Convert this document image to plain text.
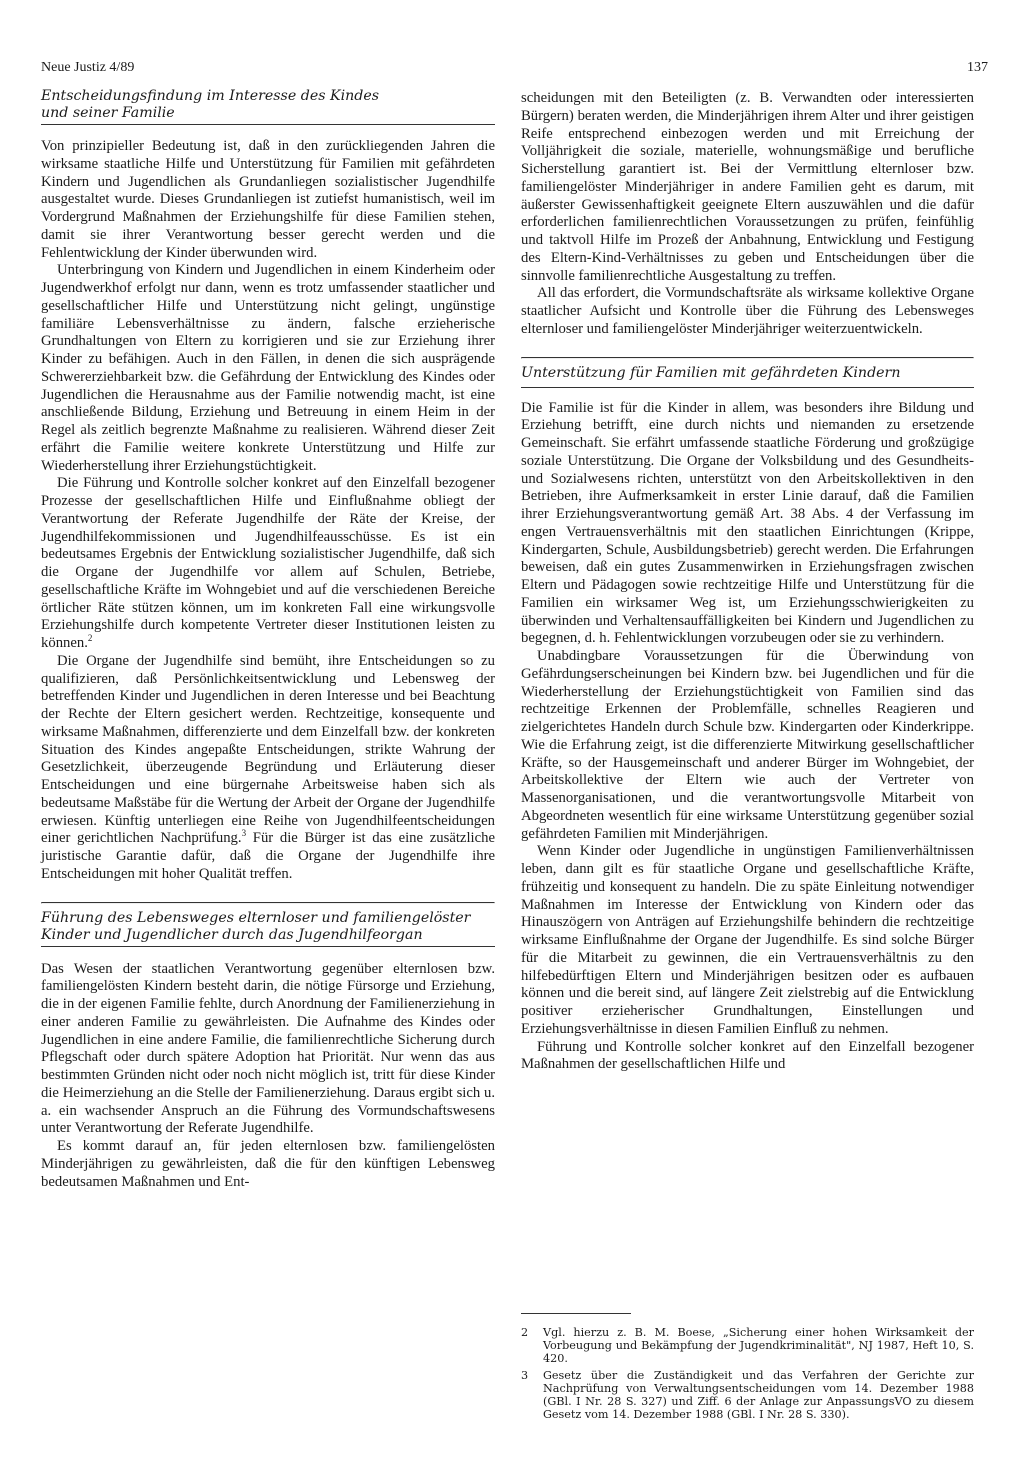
Neue Justiz 4/89	137

Entscheidungsfindung im Interesse des Kindes

und seiner Familie

Von prinzipieller Bedeutung ist, daß in den zurückliegenden Jahren die wirksame staatliche Hilfe und Unterstützung für Familien mit gefährdeten Kindern und Jugendlichen als Grundanliegen sozialistischer Jugendhilfe ausgestaltet wurde. Dieses Grundanliegen ist zutiefst humanistisch, weil im Vordergrund Maßnahmen der Erziehungshilfe für diese Familien stehen, damit sie ihrer Verantwortung besser gerecht werden und die Fehlentwicklung der Kinder überwunden wird.

Unterbringung von Kindern und Jugendlichen in einem Kinderheim oder Jugendwerkhof erfolgt nur dann, wenn es trotz umfassender staatlicher und gesellschaftlicher Hilfe und Unterstützung nicht gelingt, ungünstige familiäre Lebensverhältnisse zu ändern, falsche erzieherische Grundhaltungen von Eltern zu korrigieren und sie zur Erziehung ihrer Kinder zu befähigen. Auch in den Fällen, in denen die sich ausprägende Schwererziehbarkeit bzw. die Gefährdung der Entwicklung des Kindes oder Jugendlichen die Herausnahme aus der Familie notwendig macht, ist eine anschließende Bildung, Erziehung und Betreuung in einem Heim in der Regel als zeitlich begrenzte Maßnahme zu realisieren. Während dieser Zeit erfährt die Familie weitere konkrete Unterstützung und Hilfe zur Wiederherstellung ihrer Erziehungstüchtigkeit.

Die Führung und Kontrolle solcher konkret auf den Einzelfall bezogener Prozesse der gesellschaftlichen Hilfe und Einflußnahme obliegt der Verantwortung der Referate Jugendhilfe der Räte der Kreise, der Jugendhilfekommissionen und Jugendhilfeausschüsse. Es ist ein bedeutsames Ergebnis der Entwicklung sozialistischer Jugendhilfe, daß sich die Organe der Jugendhilfe vor allem auf Schulen, Betriebe, gesellschaftliche Kräfte im Wohngebiet und auf die verschiedenen Bereiche örtlicher Räte stützen können, um im konkreten Fall eine wirkungsvolle Erziehungshilfe durch kompetente Vertreter dieser Institutionen leisten zu können.$^2$

Die Organe der Jugendhilfe sind bemüht, ihre Entscheidungen so zu qualifizieren, daß Persönlichkeitsentwicklung und Lebensweg der betreffenden Kinder und Jugendlichen in deren Interesse und bei Beachtung der Rechte der Eltern gesichert werden. Rechtzeitige, konsequente und wirksame Maßnahmen, differenzierte und dem Einzelfall bzw. der konkreten Situation des Kindes angepaßte Entscheidungen, strikte Wahrung der Gesetzlichkeit, überzeugende Begründung und Erläuterung dieser Entscheidungen und eine bürgernahe Arbeitsweise haben sich als bedeutsame Maßstäbe für die Wertung der Arbeit der Organe der Jugendhilfe erwiesen. Künftig unterliegen eine Reihe von Jugendhilfeentscheidungen einer gerichtlichen Nachprüfung.$^3$ Für die Bürger ist das eine zusätzliche juristische Garantie dafür, daß die Organe der Jugendhilfe ihre Entscheidungen mit hoher Qualität treffen.

Führung des Lebensweges elternloser und familiengelöster

Kinder und Jugendlicher durch das Jugendhilfeorgan

Das Wesen der staatlichen Verantwortung gegenüber elternlosen bzw. familiengelösten Kindern besteht darin, die nötige Fürsorge und Erziehung, die in der eigenen Familie fehlte, durch Anordnung der Familienerziehung in einer anderen Familie zu gewährleisten. Die Aufnahme des Kindes oder Jugendlichen in eine andere Familie, die familienrechtliche Sicherung durch Pflegschaft oder durch spätere Adoption hat Priorität. Nur wenn das aus bestimmten Gründen nicht oder noch nicht möglich ist, tritt für diese Kinder die Heimerziehung an die Stelle der Familienerziehung. Daraus ergibt sich u. a. ein wachsender Anspruch an die Führung des Vormundschaftswesens unter Verantwortung der Referate Jugendhilfe.

Es kommt darauf an, für jeden elternlosen bzw. familiengelösten Minderjährigen zu gewährleisten, daß die für den künftigen Lebensweg bedeutsamen Maßnahmen und Ent-

scheidungen mit den Beteiligten (z. B. Verwandten oder interessierten Bürgern) beraten werden, die Minderjährigen ihrem Alter und ihrer geistigen Reife entsprechend einbezogen werden und mit Erreichung der Volljährigkeit die soziale, materielle, wohnungsmäßige und berufliche Sicherstellung garantiert ist. Bei der Vermittlung elternloser bzw. familiengelöster Minderjähriger in andere Familien geht es darum, mit äußerster Gewissenhaftigkeit geeignete Eltern auszuwählen und die dafür erforderlichen familienrechtlichen Voraussetzungen zu prüfen, feinfühlig und taktvoll Hilfe im Prozeß der Anbahnung, Entwicklung und Festigung des Eltern-Kind-Verhältnisses zu geben und Entscheidungen über die sinnvolle familienrechtliche Ausgestaltung zu treffen.

All das erfordert, die Vormundschaftsräte als wirksame kollektive Organe staatlicher Aufsicht und Kontrolle über die Führung des Lebensweges elternloser und familiengelöster Minderjähriger weiterzuentwickeln.

Unterstützung für Familien mit gefährdeten Kindern

Die Familie ist für die Kinder in allem, was besonders ihre Bildung und Erziehung betrifft, eine durch nichts und niemanden zu ersetzende Gemeinschaft. Sie erfährt umfassende staatliche Förderung und großzügige soziale Unterstützung. Die Organe der Volksbildung und des Gesundheits- und Sozialwesens richten, unterstützt von den Arbeitskollektiven in den Betrieben, ihre Aufmerksamkeit in erster Linie darauf, daß die Familien ihrer Erziehungsverantwortung gemäß Art. 38 Abs. 4 der Verfassung im engen Vertrauensverhältnis mit den staatlichen Einrichtungen (Krippe, Kindergarten, Schule, Ausbildungsbetrieb) gerecht werden. Die Erfahrungen beweisen, daß ein gutes Zusammenwirken in Erziehungsfragen zwischen Eltern und Pädagogen sowie rechtzeitige Hilfe und Unterstützung für die Familien ein wirksamer Weg ist, um Erziehungsschwierigkeiten zu überwinden und Verhaltensauffälligkeiten bei Kindern und Jugendlichen zu begegnen, d. h. Fehlentwicklungen vorzubeugen oder sie zu verhindern.

Unabdingbare Voraussetzungen für die Überwindung von Gefährdungserscheinungen bei Kindern bzw. bei Jugendlichen und für die Wiederherstellung der Erziehungstüchtigkeit von Familien sind das rechtzeitige Erkennen der Problemfälle, schnelles Reagieren und zielgerichtetes Handeln durch Schule bzw. Kindergarten oder Kinderkrippe. Wie die Erfahrung zeigt, ist die differenzierte Mitwirkung gesellschaftlicher Kräfte, so der Hausgemeinschaft und anderer Bürger im Wohngebiet, der Arbeitskollektive der Eltern wie auch der Vertreter von Massenorganisationen, und die verantwortungsvolle Mitarbeit von Abgeordneten wesentlich für eine wirksame Unterstützung gegenüber sozial gefährdeten Familien mit Minderjährigen.

Wenn Kinder oder Jugendliche in ungünstigen Familienverhältnissen leben, dann gilt es für staatliche Organe und gesellschaftliche Kräfte, frühzeitig und konsequent zu handeln. Die zu späte Einleitung notwendiger Maßnahmen im Interesse der Entwicklung von Kindern oder das Hinauszögern von Anträgen auf Erziehungshilfe behindern die rechtzeitige wirksame Einflußnahme der Organe der Jugendhilfe. Es sind solche Bürger für die Mitarbeit zu gewinnen, die ein Vertrauensverhältnis zu den hilfebedürftigen Eltern und Minderjährigen besitzen oder es aufbauen können und die bereit sind, auf längere Zeit zielstrebig auf die Entwicklung positiver erzieherischer Grundhaltungen, Einstellungen und Erziehungsverhältnisse in diesen Familien Einfluß zu nehmen.

Führung und Kontrolle solcher konkret auf den Einzelfall bezogener Maßnahmen der gesellschaftlichen Hilfe und

2	Vgl. hierzu z. B. M. Boese, „Sicherung einer hohen Wirksamkeit der Vorbeugung und Bekämpfung der Jugendkriminalität", NJ 1987, Heft 10, S. 420.
3	Gesetz über die Zuständigkeit und das Verfahren der Gerichte zur Nachprüfung von Verwaltungsentscheidungen vom 14. Dezember 1988 (GBl. I Nr. 28 S. 327) und Ziff. 6 der Anlage zur AnpassungsVO zu diesem Gesetz vom 14. Dezember 1988 (GBl. I Nr. 28 S. 330).
